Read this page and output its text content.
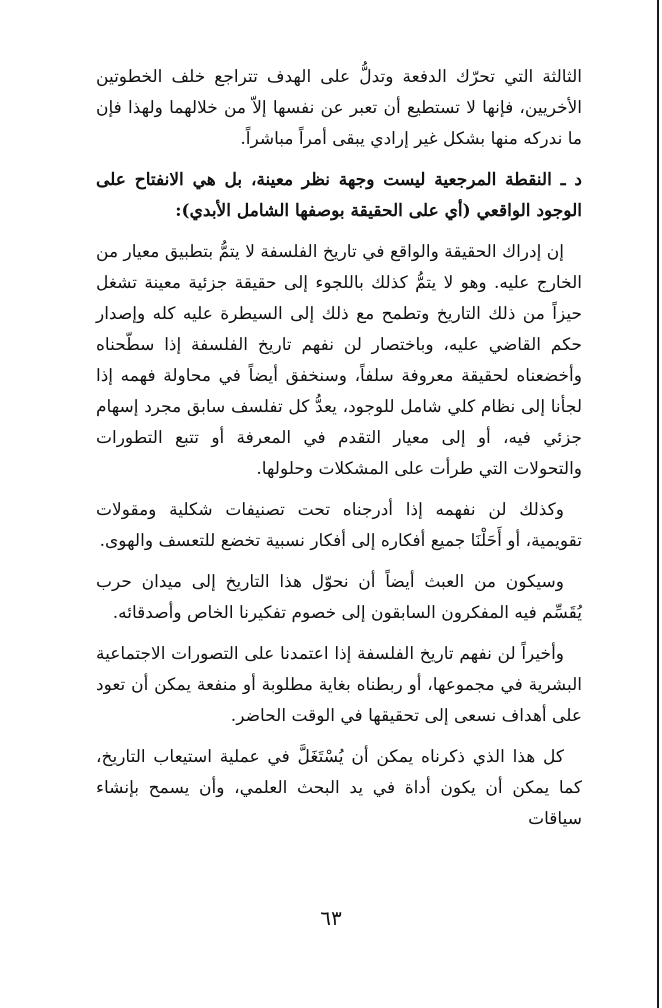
الثالثة التي تحرّك الدفعة وتدلُّ على الهدف تتراجع خلف الخطوتين الأخريين، فإنها لا تستطيع أن تعبر عن نفسها إلاّ من خلالهما ولهذا فإن ما ندركه منها بشكل غير إرادي يبقى أمراً مباشراً.

د ـ النقطة المرجعية ليست وجهة نظر معينة، بل هي الانفتاح على الوجود الواقعي (أي على الحقيقة بوصفها الشامل الأبدي):

إن إدراك الحقيقة والواقع في تاريخ الفلسفة لا يتمُّ بتطبيق معيار من الخارج عليه. وهو لا يتمُّ كذلك باللجوء إلى حقيقة جزئية معينة تشغل حيزاً من ذلك التاريخ وتطمح مع ذلك إلى السيطرة عليه كله وإصدار حكم القاضي عليه، وباختصار لن نفهم تاريخ الفلسفة إذا سطّحناه وأخضعناه لحقيقة معروفة سلفاً، وسنخفق أيضاً في محاولة فهمه إذا لجأنا إلى نظام كلي شامل للوجود، يعدُّ كل تفلسف سابق مجرد إسهام جزئي فيه، أو إلى معيار التقدم في المعرفة أو تتبع التطورات والتحولات التي طرأت على المشكلات وحلولها.

وكذلك لن نفهمه إذا أدرجناه تحت تصنيفات شكلية ومقولات تقويمية، أو أَحَلْنَا جميع أفكاره إلى أفكار نسبية تخضع للتعسف والهوى.

وسيكون من العبث أيضاً أن نحوّل هذا التاريخ إلى ميدان حرب يُقَسِّم فيه المفكرون السابقون إلى خصوم تفكيرنا الخاص وأصدقائه.

وأخيراً لن نفهم تاريخ الفلسفة إذا اعتمدنا على التصورات الاجتماعية البشرية في مجموعها، أو ربطناه بغاية مطلوبة أو منفعة يمكن أن تعود على أهداف نسعى إلى تحقيقها في الوقت الحاضر.

كل هذا الذي ذكرناه يمكن أن يُسْتَغَلَّ في عملية استيعاب التاريخ، كما يمكن أن يكون أداة في يد البحث العلمي، وأن يسمح بإنشاء سياقات

٦٣
